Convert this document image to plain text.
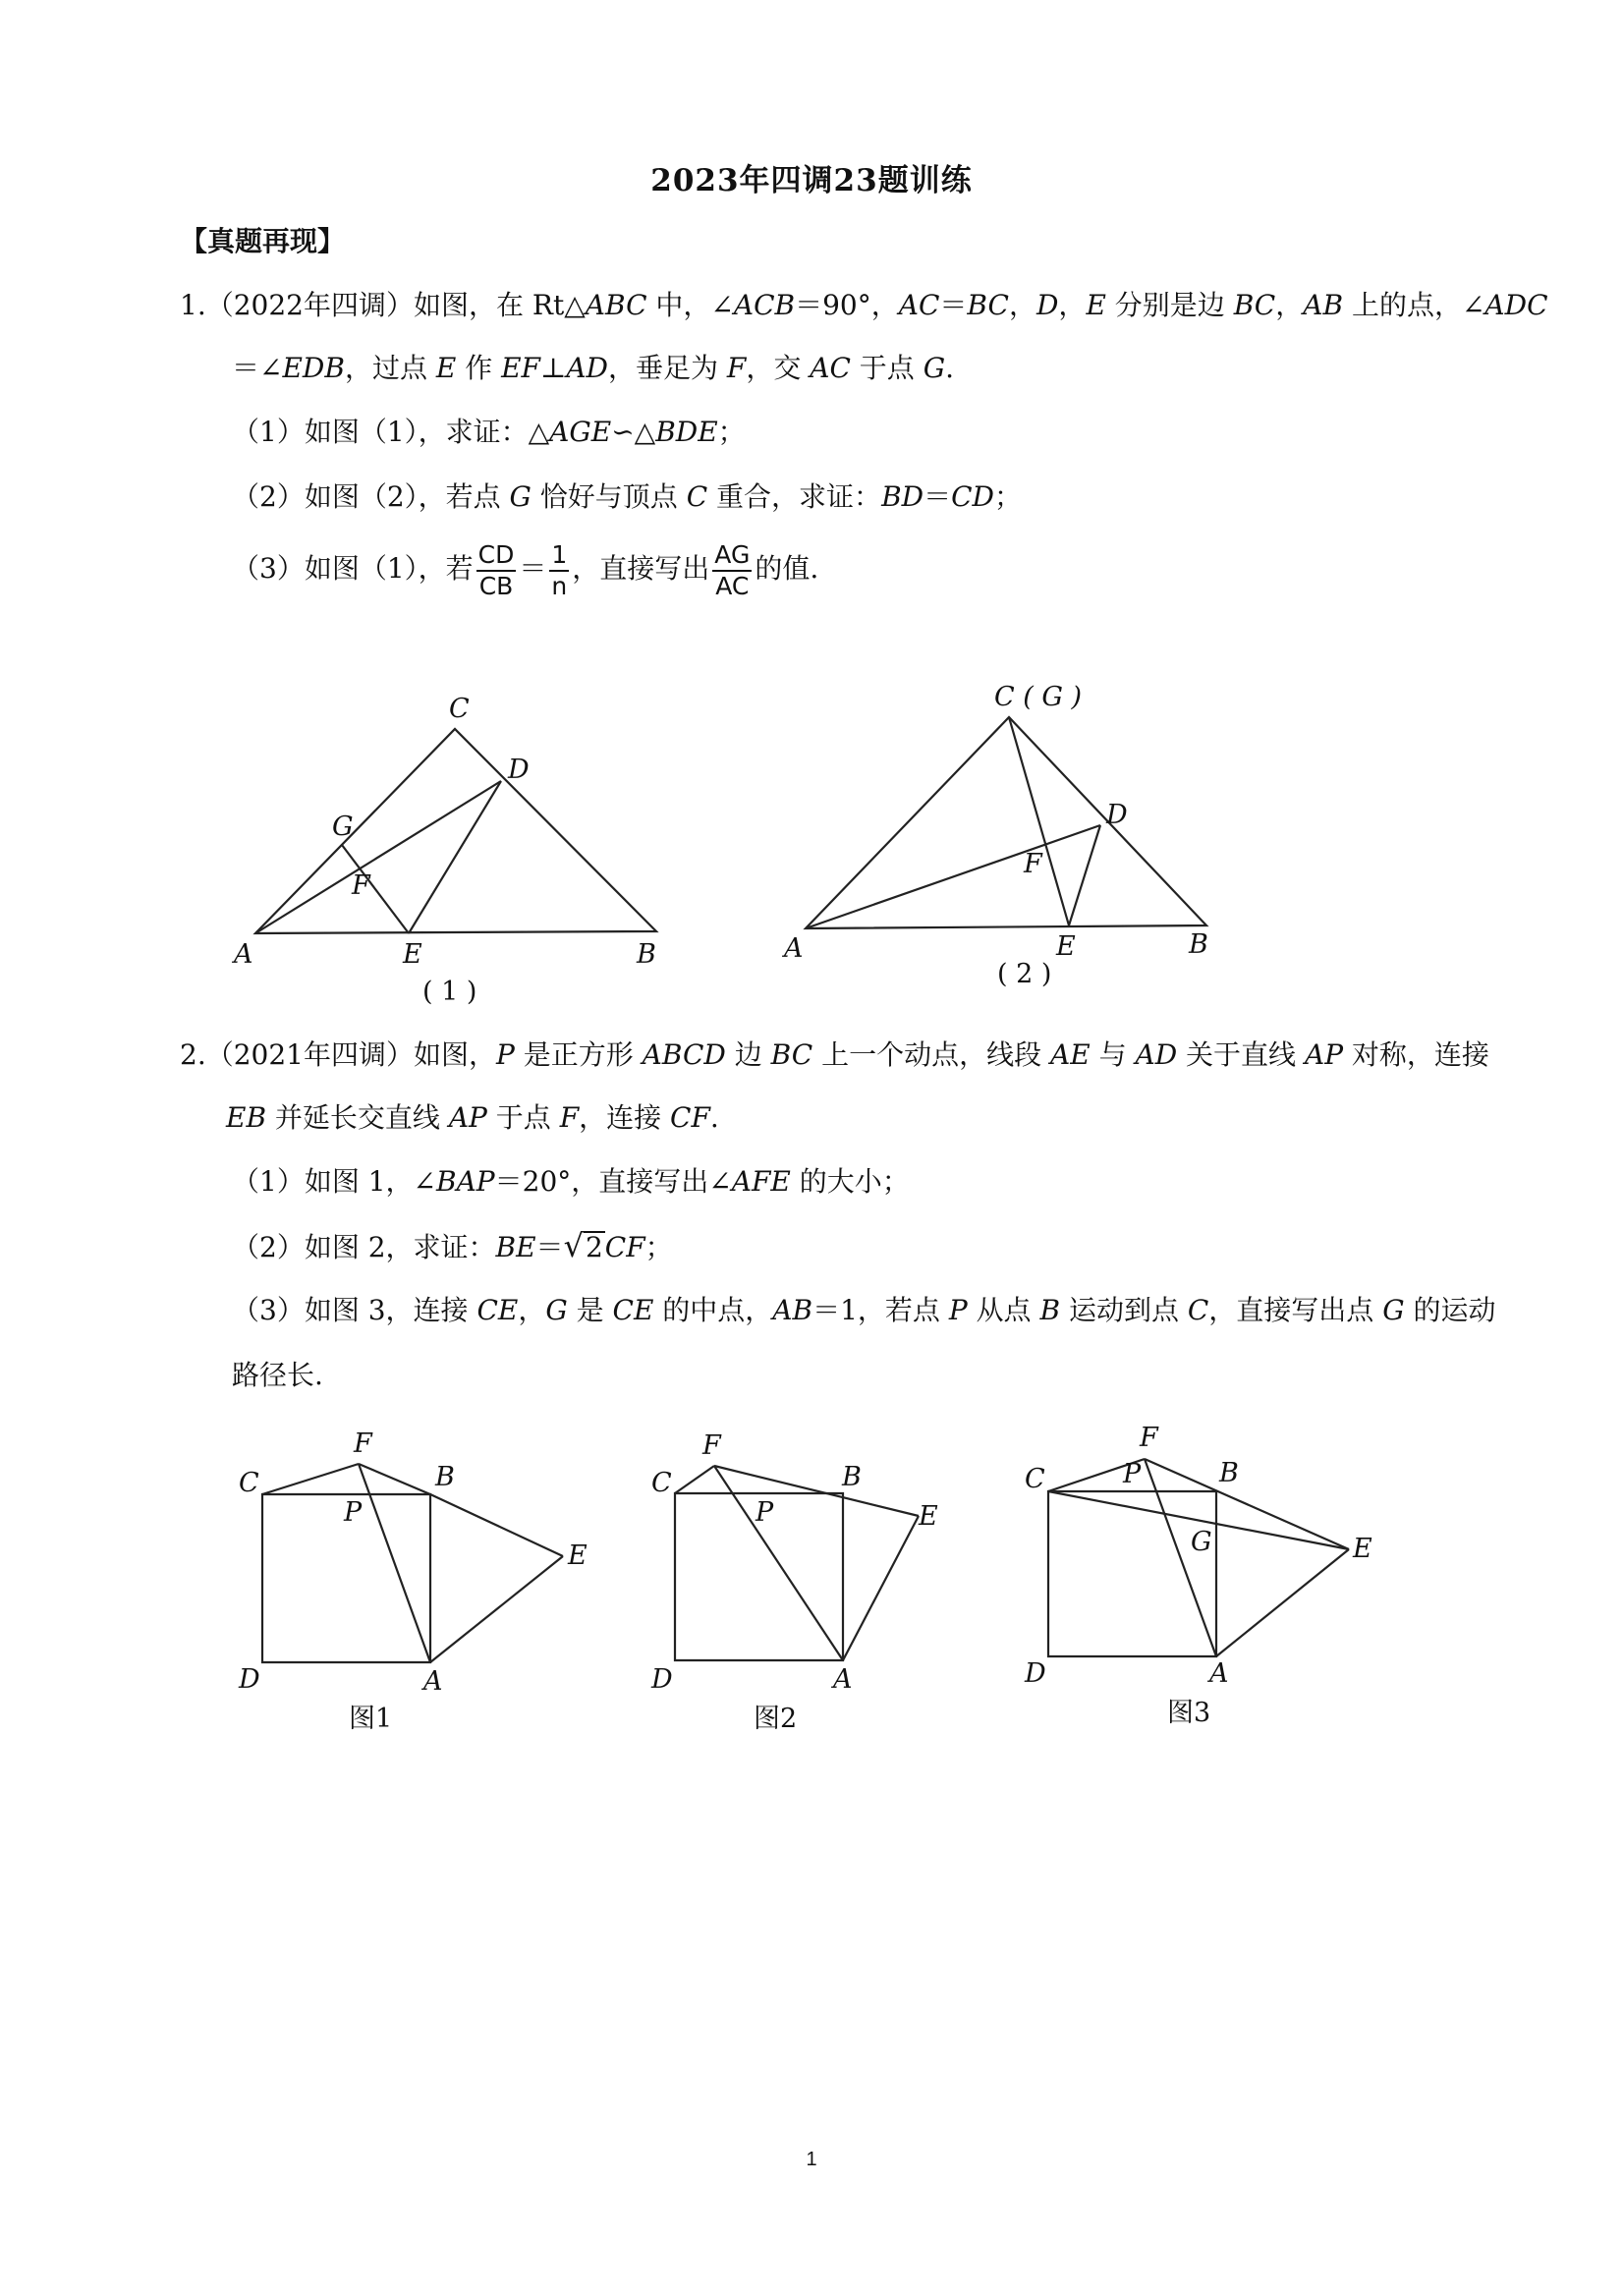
2023年四调23题训练
【真题再现】
1.（2022年四调）如图，在 Rt△ABC 中，∠ACB＝90°，AC＝BC，D，E 分别是边 BC，AB 上的点，∠ADC
＝∠EDB，过点 E 作 EF⊥AD，垂足为 F，交 AC 于点 G.
（1）如图（1），求证：△AGE∽△BDE；
（2）如图（2），若点 G 恰好与顶点 C 重合，求证：BD＝CD；
（3）如图（1），若 $\frac{CD}{CB} = \frac{1}{n}$ ，直接写出 $\frac{AG}{AC}$ 的值.
C
D
G
F
A	E	B
( 1 )
C ( G )
D
F
A	E	B
( 2 )
2.（2021年四调）如图，P 是正方形 ABCD 边 BC 上一个动点，线段 AE 与 AD 关于直线 AP 对称，连接
EB 并延长交直线 AP 于点 F，连接 CF.
（1）如图 1，∠BAP＝20°，直接写出∠AFE 的大小；
（2）如图 2，求证：BE＝√2CF；
（3）如图 3，连接 CE，G 是 CE 的中点，AB＝1，若点 P 从点 B 运动到点 C，直接写出点 G 的运动
路径长.
F
C	B
P
E
D	A
图1
F
C	B
P	E
D	A
图2
F
C	B
P
G	E
D	A
图3
1
